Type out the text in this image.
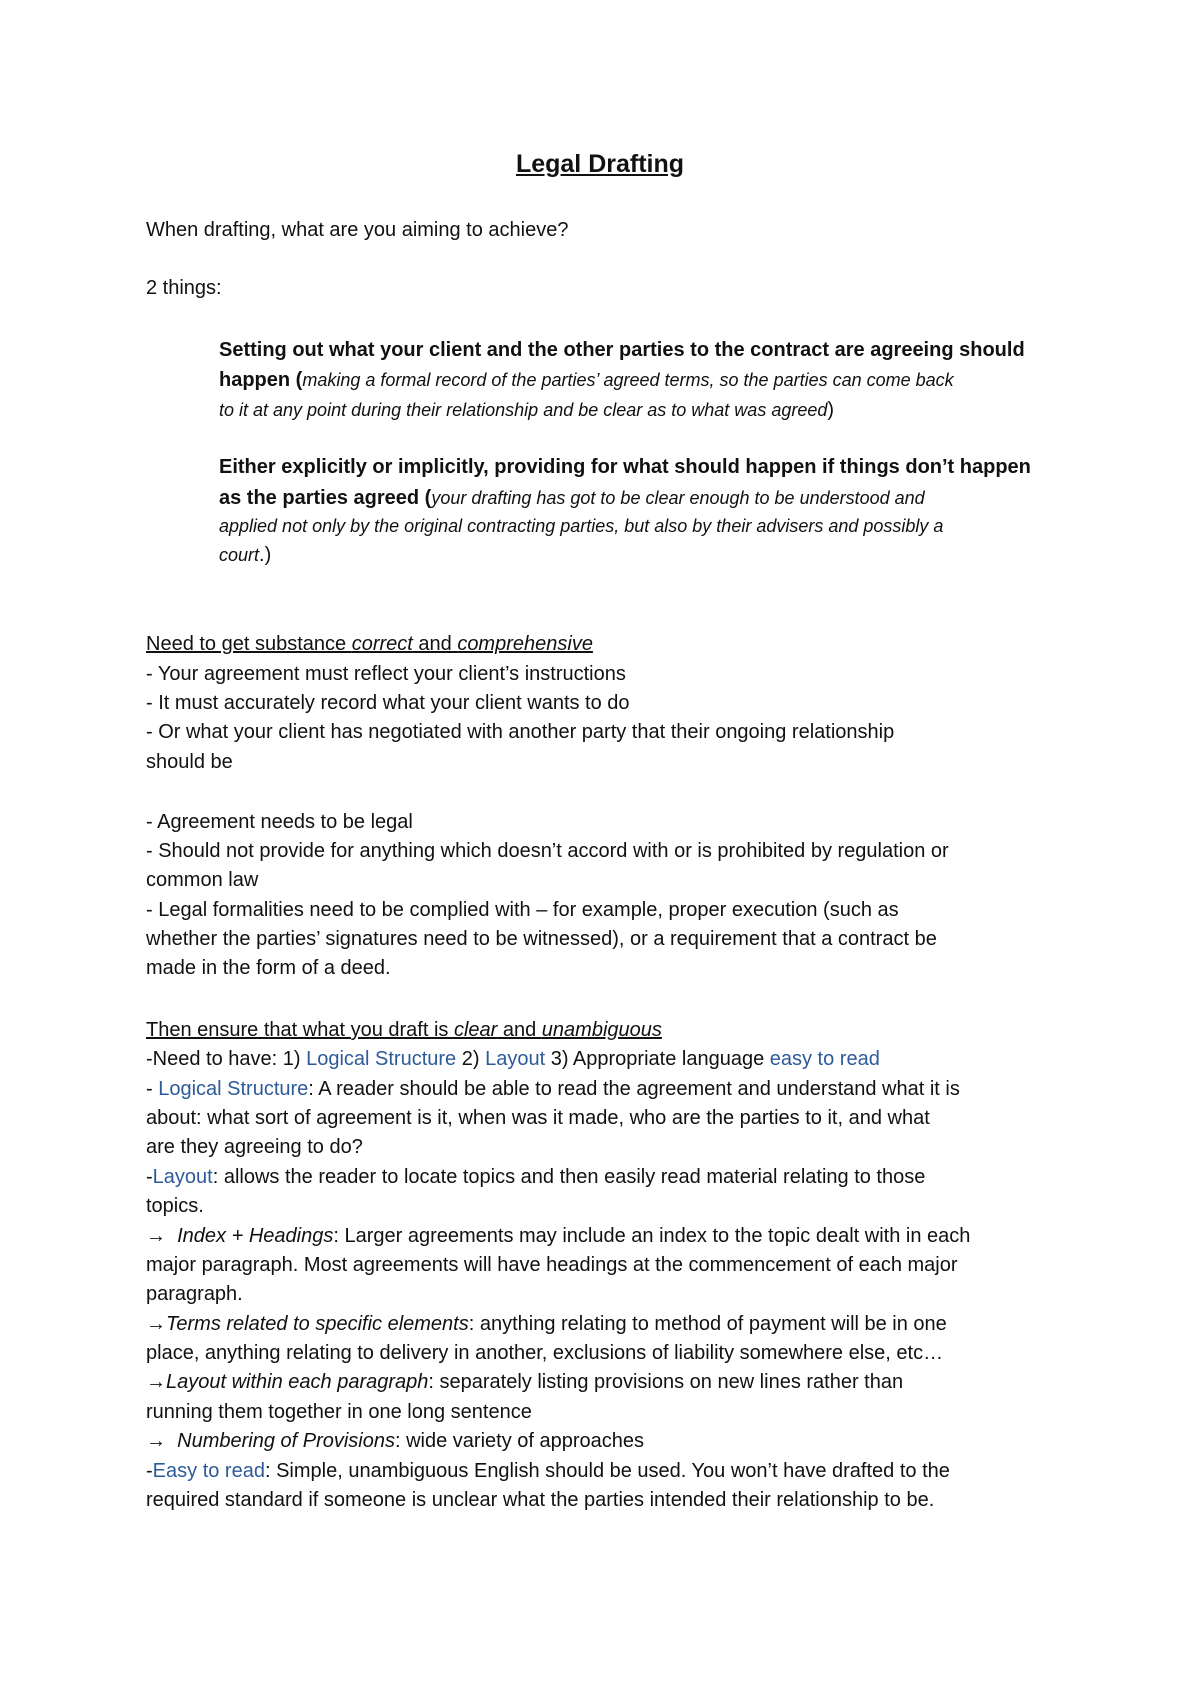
Legal Drafting
When drafting, what are you aiming to achieve?
2 things:
Setting out what your client and the other parties to the contract are agreeing should
happen (making a formal record of the parties’ agreed terms, so the parties can come back
to it at any point during their relationship and be clear as to what was agreed)
Either explicitly or implicitly, providing for what should happen if things don’t happen
as the parties agreed (your drafting has got to be clear enough to be understood and
applied not only by the original contracting parties, but also by their advisers and possibly a
court.)
Need to get substance correct and comprehensive
- Your agreement must reflect your client’s instructions
- It must accurately record what your client wants to do
- Or what your client has negotiated with another party that their ongoing relationship
should be
- Agreement needs to be legal
- Should not provide for anything which doesn’t accord with or is prohibited by regulation or
common law
- Legal formalities need to be complied with – for example, proper execution (such as
whether the parties’ signatures need to be witnessed), or a requirement that a contract be
made in the form of a deed.
Then ensure that what you draft is clear and unambiguous
-Need to have: 1) Logical Structure 2) Layout 3) Appropriate language easy to read
- Logical Structure: A reader should be able to read the agreement and understand what it is
about: what sort of agreement is it, when was it made, who are the parties to it, and what
are they agreeing to do?
-Layout: allows the reader to locate topics and then easily read material relating to those
topics.
→ Index + Headings: Larger agreements may include an index to the topic dealt with in each
major paragraph. Most agreements will have headings at the commencement of each major
paragraph.
→Terms related to specific elements: anything relating to method of payment will be in one
place, anything relating to delivery in another, exclusions of liability somewhere else, etc…
→Layout within each paragraph: separately listing provisions on new lines rather than
running them together in one long sentence
→ Numbering of Provisions: wide variety of approaches
-Easy to read: Simple, unambiguous English should be used. You won’t have drafted to the
required standard if someone is unclear what the parties intended their relationship to be.
